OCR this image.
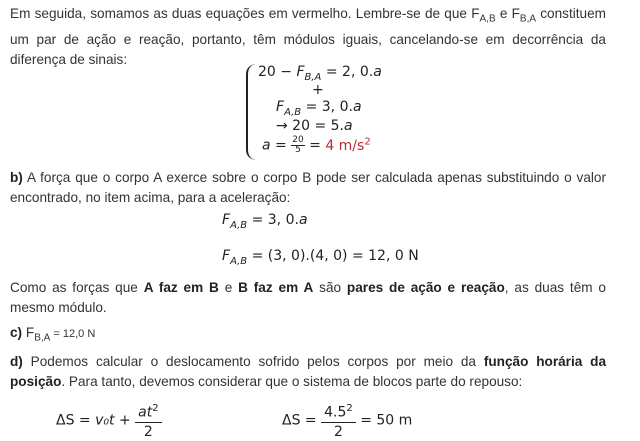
Em seguida, somamos as duas equações em vermelho. Lembre-se de que $F_{A,B}$ e $F_{B,A}$ constituem um par de ação e reação, portanto, têm módulos iguais, cancelando-se em decorrência da diferença de sinais:
$20 - F_{B,A} = 2$, 0.a
+
$F_{A,B} = 3$, 0.a
→ 20 = 5.a
$a = \frac{20}{5} = 4$ $m/s^2$
b) A força que o corpo A exerce sobre o corpo B pode ser calculada apenas substituindo o valor encontrado, no item acima, para a aceleração:
$F_{A,B} = 3$, 0.a
$F_{A,B} = (3$, 0).(4, 0) = 12, 0 N
Como as forças que A faz em B e B faz em A são pares de ação e reação, as duas têm o mesmo módulo.
c) $F_{B,A} = 12,0$ N
d) Podemos calcular o deslocamento sofrido pelos corpos por meio da função horária da posição. Para tanto, devemos considerar que o sistema de blocos parte do repouso:
$\Delta S = v_0t + \frac{at^2}{2}$	$\Delta S = \frac{4.5^2}{2} = 50$ m
